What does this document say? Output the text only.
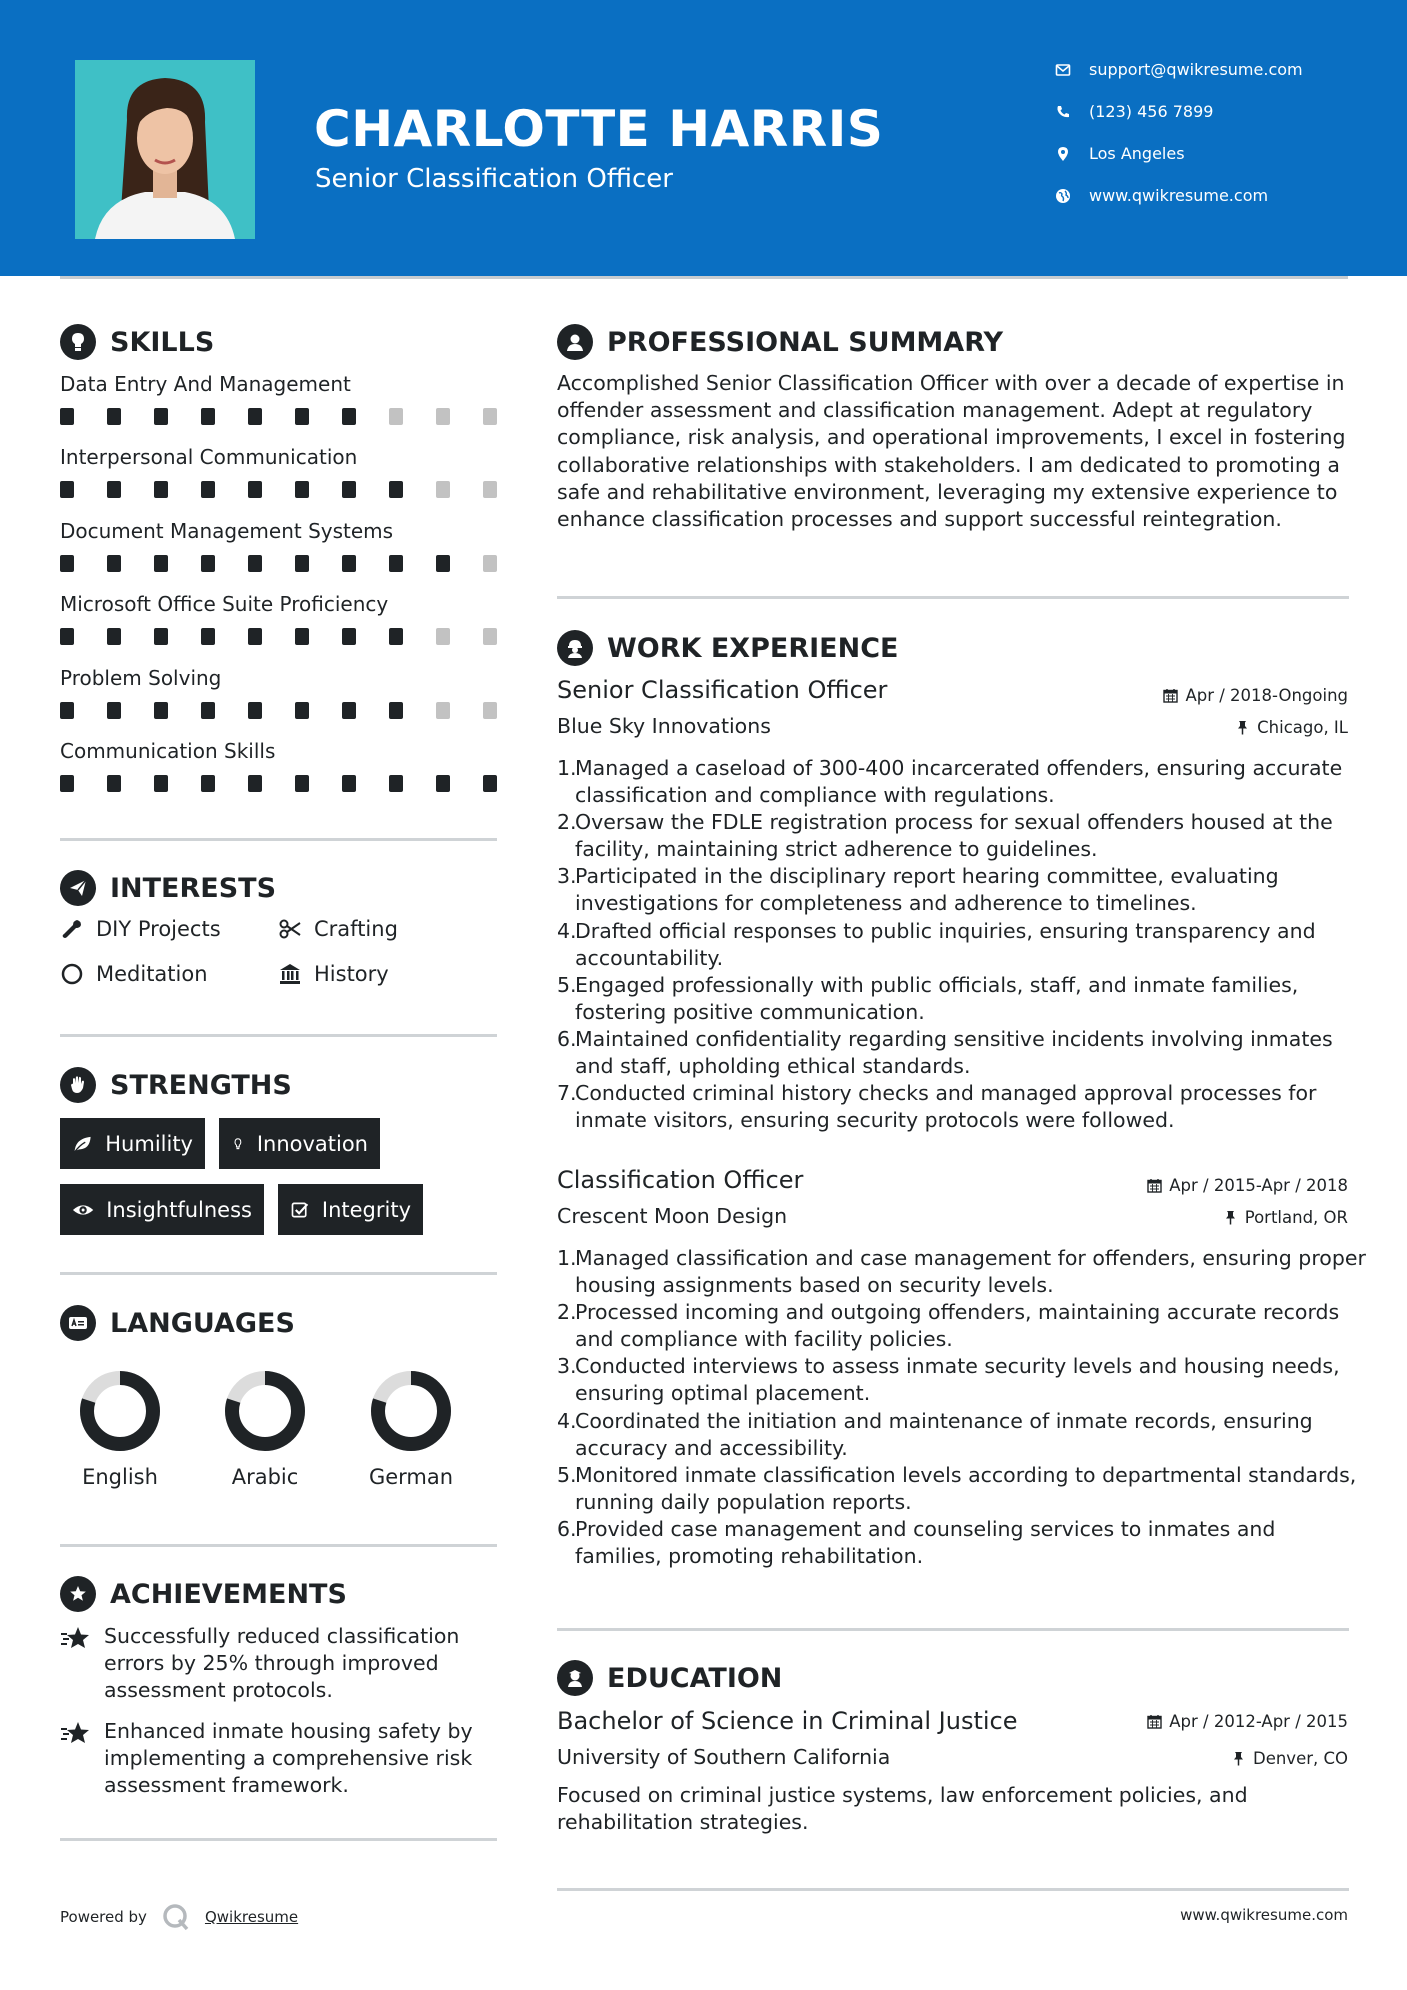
CHARLOTTE HARRIS
Senior Classification Officer
support@qwikresume.com
(123) 456 7899
Los Angeles
www.qwikresume.com
SKILLS
Data Entry And Management
Interpersonal Communication
Document Management Systems
Microsoft Office Suite Proficiency
Problem Solving
Communication Skills
INTERESTS
DIY Projects	Crafting
Meditation	History
STRENGTHS
Humility	Innovation
Insightfulness	Integrity
LANGUAGES
English	Arabic	German
ACHIEVEMENTS
Successfully reduced classification errors by 25% through improved assessment protocols.
Enhanced inmate housing safety by implementing a comprehensive risk assessment framework.
PROFESSIONAL SUMMARY
Accomplished Senior Classification Officer with over a decade of expertise in offender assessment and classification management. Adept at regulatory compliance, risk analysis, and operational improvements, I excel in fostering collaborative relationships with stakeholders. I am dedicated to promoting a safe and rehabilitative environment, leveraging my extensive experience to enhance classification processes and support successful reintegration.
WORK EXPERIENCE
Senior Classification Officer	Apr / 2018-Ongoing
Blue Sky Innovations	Chicago, IL
Managed a caseload of 300-400 incarcerated offenders, ensuring accurate classification and compliance with regulations.
Oversaw the FDLE registration process for sexual offenders housed at the facility, maintaining strict adherence to guidelines.
Participated in the disciplinary report hearing committee, evaluating investigations for completeness and adherence to timelines.
Drafted official responses to public inquiries, ensuring transparency and accountability.
Engaged professionally with public officials, staff, and inmate families, fostering positive communication.
Maintained confidentiality regarding sensitive incidents involving inmates and staff, upholding ethical standards.
Conducted criminal history checks and managed approval processes for inmate visitors, ensuring security protocols were followed.
Classification Officer	Apr / 2015-Apr / 2018
Crescent Moon Design	Portland, OR
Managed classification and case management for offenders, ensuring proper housing assignments based on security levels.
Processed incoming and outgoing offenders, maintaining accurate records and compliance with facility policies.
Conducted interviews to assess inmate security levels and housing needs, ensuring optimal placement.
Coordinated the initiation and maintenance of inmate records, ensuring accuracy and accessibility.
Monitored inmate classification levels according to departmental standards, running daily population reports.
Provided case management and counseling services to inmates and families, promoting rehabilitation.
EDUCATION
Bachelor of Science in Criminal Justice	Apr / 2012-Apr / 2015
University of Southern California	Denver, CO
Focused on criminal justice systems, law enforcement policies, and rehabilitation strategies.
Powered by	Qwikresume	www.qwikresume.com
